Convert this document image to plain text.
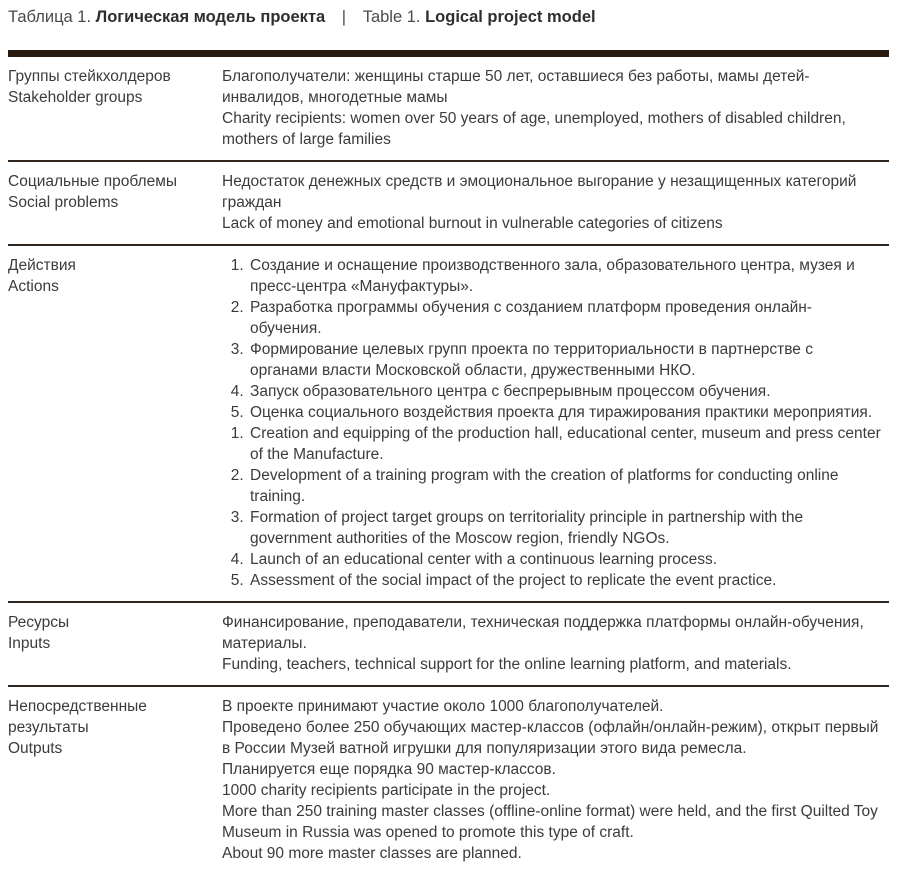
Таблица 1. Логическая модель проекта | Table 1. Logical project model
Группы стейкхолдеров
Stakeholder groups

Благополучатели: женщины старше 50 лет, оставшиеся без работы, мамы детей-инвалидов, многодетные мамы

Charity recipients: women over 50 years of age, unemployed, mothers of disabled children, mothers of large families

Социальные проблемы
Social problems

Недостаток денежных средств и эмоциональное выгорание у незащищенных категорий граждан

Lack of money and emotional burnout in vulnerable categories of citizens

Действия
Actions
1. Создание и оснащение производственного зала, образовательного центра, музея и пресс-центра «Мануфактуры».
2. Разработка программы обучения с созданием платформ проведения онлайн-обучения.
3. Формирование целевых групп проекта по территориальности в партнерстве с органами власти Московской области, дружественными НКО.
4. Запуск образовательного центра с беспрерывным процессом обучения.
5. Оценка социального воздействия проекта для тиражирования практики мероприятия.
1. Creation and equipping of the production hall, educational center, museum and press center of the Manufacture.
2. Development of a training program with the creation of platforms for conducting online training.
3. Formation of project target groups on territoriality principle in partnership with the government authorities of the Moscow region, friendly NGOs.
4. Launch of an educational center with a continuous learning process.
5. Assessment of the social impact of the project to replicate the event practice.
Ресурсы
Inputs

Финансирование, преподаватели, техническая поддержка платформы онлайн-обучения, материалы.

Funding, teachers, technical support for the online learning platform, and materials.

Непосредственные результаты
Outputs

В проекте принимают участие около 1000 благополучателей.

Проведено более 250 обучающих мастер-классов (офлайн/онлайн-режим), открыт первый в России Музей ватной игрушки для популяризации этого вида ремесла.

Планируется еще порядка 90 мастер-классов.

1000 charity recipients participate in the project.

More than 250 training master classes (offline-online format) were held, and the first Quilted Toy Museum in Russia was opened to promote this type of craft.

About 90 more master classes are planned.
